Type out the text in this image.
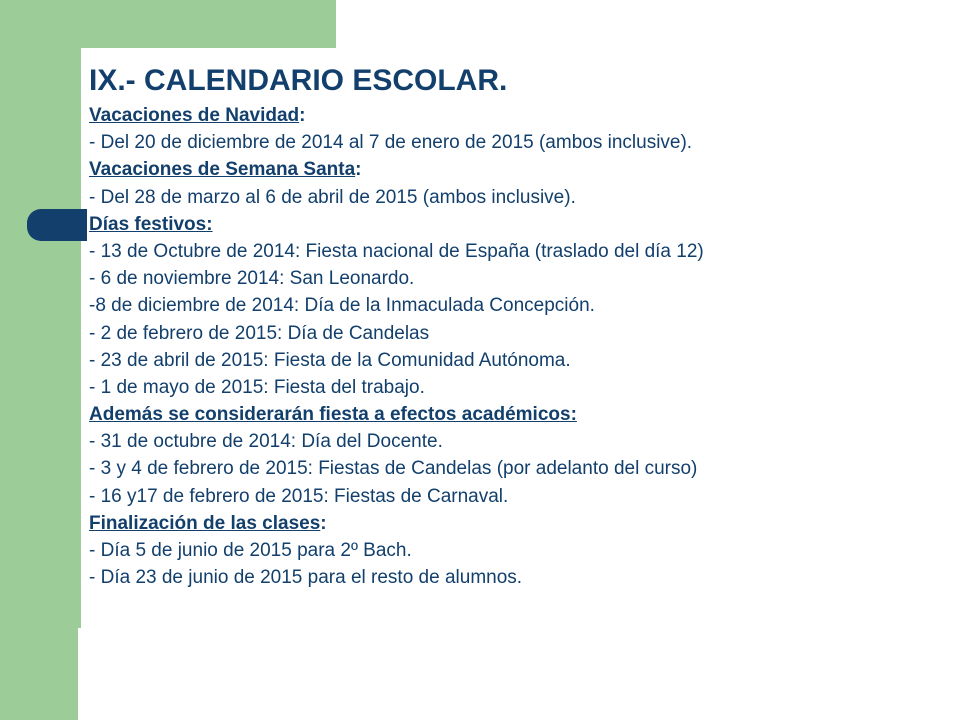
IX.- CALENDARIO ESCOLAR.
Vacaciones de Navidad:
- Del 20 de diciembre de 2014 al 7 de enero de 2015 (ambos inclusive).
Vacaciones de Semana Santa:
- Del 28 de marzo al 6 de abril de 2015 (ambos inclusive).
Días festivos:
- 13 de Octubre de 2014: Fiesta nacional de España (traslado del día 12)
- 6 de noviembre 2014: San Leonardo.
-8 de diciembre de 2014: Día de la Inmaculada Concepción.
- 2 de febrero de 2015: Día de Candelas
- 23 de abril de 2015: Fiesta de la Comunidad Autónoma.
- 1 de mayo de 2015: Fiesta del trabajo.
Además se considerarán fiesta a efectos académicos:
- 31 de octubre de 2014: Día del Docente.
- 3 y 4 de febrero de 2015: Fiestas de Candelas (por adelanto del curso)
- 16 y17 de febrero de 2015: Fiestas de Carnaval.
Finalización de las clases:
- Día 5 de junio de 2015 para 2º Bach.
- Día 23 de junio de 2015 para el resto de alumnos.
